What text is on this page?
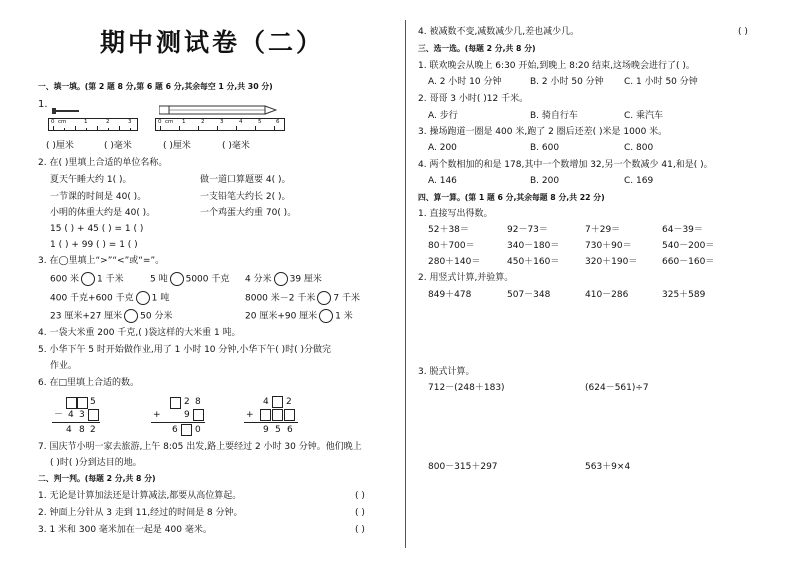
期中测试卷（二）
一、填一填。(第 2 题 8 分,第 6 题 6 分,其余每空 1 分,共 30 分)
1.
0 cm	1	2	3	0 cm 1	2	3	4	5	6
( )厘米	( )毫米	( )厘米	( )毫米
2. 在( )里填上合适的单位名称。
夏天午睡大约 1( )。	做一道口算题要 4( )。
一节课的时间是 40( )。	一支铅笔大约长 2( )。
小明的体重大约是 40( )。	一个鸡蛋大约重 70( )。
15 ( ) + 45 ( ) = 1 ( )
1 ( ) + 99 ( ) = 1 ( )
3. 在◯里填上“>”“<”或“=”。
600 米 1 千米	5 吨 5000 千克 4 分米 39 厘米
400 千克+600 千克 1 吨	8000 米－2 千米 7 千米
23 厘米+27 厘米 50 分米	20 厘米+90 厘米 1 米
4. 一袋大米重 200 千克,( )袋这样的大米重 1 吨。
5. 小华下午 5 时开始做作业,用了 1 小时 10 分钟,小华下午( )时( )分做完
作业。
6. 在□里填上合适的数。
5
－ 4 3
4 8 2
2 8
+	9
6 0
4 2
+
9 5 6
7. 国庆节小明一家去旅游,上午 8:05 出发,路上要经过 2 小时 30 分钟。他们晚上
( )时( )分到达目的地。
二、判一判。(每题 2 分,共 8 分)
1. 无论是计算加法还是计算减法,都要从高位算起。	( )
2. 钟面上分针从 3 走到 11,经过的时间是 8 分钟。	( )
3. 1 米和 300 毫米加在一起是 400 毫米。	( )
4. 被减数不变,减数减少几,差也减少几。	( )
三、选一选。(每题 2 分,共 8 分)
1. 联欢晚会从晚上 6:30 开始,到晚上 8:20 结束,这场晚会进行了( )。
A. 2 小时 10 分钟	B. 2 小时 50 分钟 C. 1 小时 50 分钟
2. 哥哥 3 小时( )12 千米。
A. 步行	B. 骑自行车	C. 乘汽车
3. 操场跑道一圈是 400 米,跑了 2 圈后还差( )米是 1000 米。
A. 200	B. 600	C. 800
4. 两个数相加的和是 178,其中一个数增加 32,另一个数减少 41,和是( )。
A. 146	B. 200	C. 169
四、算一算。(第 1 题 6 分,其余每题 8 分,共 22 分)
1. 直接写出得数。
52＋38＝	92－73＝	7＋29＝	64－39＝
80＋700＝	340－180＝	730＋90＝	540－200＝
280＋140＝	450＋160＝	320＋190＝	660－160＝
2. 用竖式计算,并验算。
849＋478	507－348	410－286	325＋589
3. 脱式计算。
712－(248＋183)	(624－561)÷7
800－315＋297	563＋9×4
